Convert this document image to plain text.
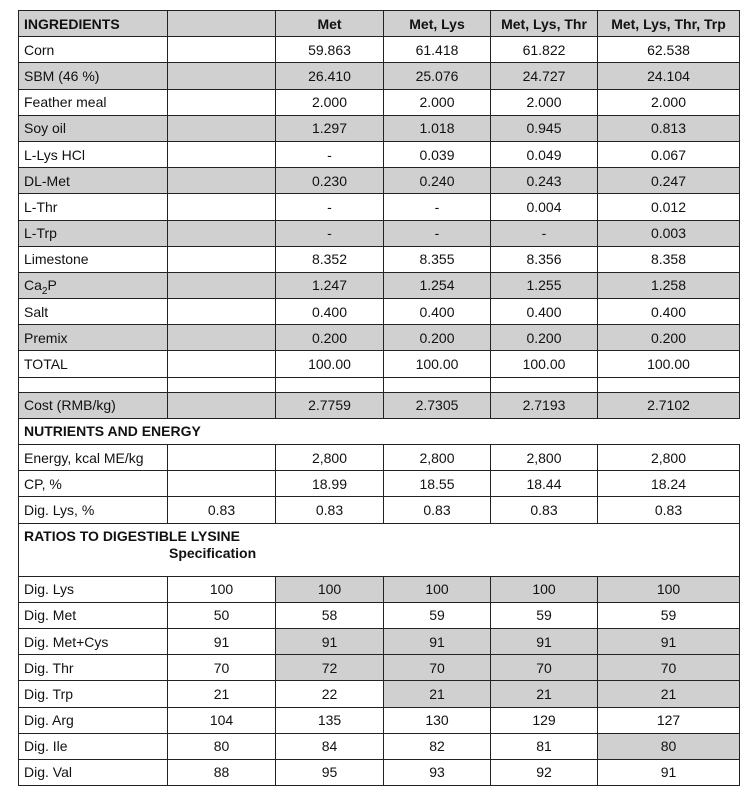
INGREDIENTS		Met	Met, Lys	Met, Lys, Thr	Met, Lys, Thr, Trp
Corn		59.863	61.418	61.822	62.538
SBM (46 %)		26.410	25.076	24.727	24.104
Feather meal		2.000	2.000	2.000	2.000
Soy oil		1.297	1.018	0.945	0.813
L-Lys HCl		-	0.039	0.049	0.067
DL-Met		0.230	0.240	0.243	0.247
L-Thr		-	-	0.004	0.012
L-Trp		-	-	-	0.003
Limestone		8.352	8.355	8.356	8.358
$Ca_2P$		1.247	1.254	1.255	1.258
Salt		0.400	0.400	0.400	0.400
Premix		0.200	0.200	0.200	0.200
TOTAL		100.00	100.00	100.00	100.00

Cost (RMB/kg)		2.7759	2.7305	2.7193	2.7102
NUTRIENTS AND ENERGY					
Energy, kcal ME/kg		2,800	2,800	2,800	2,800
CP, %		18.99	18.55	18.44	18.24
Dig. Lys, %	0.83	0.83	0.83	0.83	0.83
RATIOS TO DIGESTIBLE LYSINE
Specification					

Dig. Lys	100	100	100	100	100
Dig. Met	50	58	59	59	59
Dig. Met+Cys	91	91	91	91	91
Dig. Thr	70	72	70	70	70
Dig. Trp	21	22	21	21	21
Dig. Arg	104	135	130	129	127
Dig. Ile	80	84	82	81	80
Dig. Val	88	95	93	92	91
